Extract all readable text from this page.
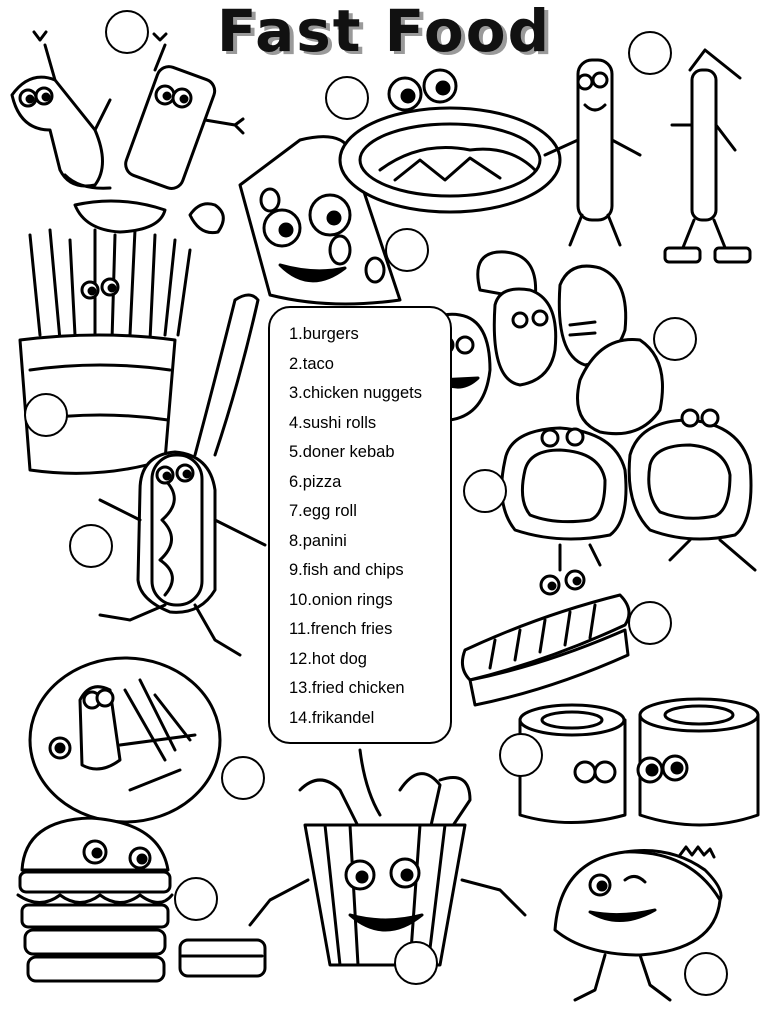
Fast Food
1.burgers
2.taco
3.chicken nuggets
4.sushi rolls
5.doner kebab
6.pizza
7.egg roll
8.panini
9.fish and chips
10.onion rings
11.french fries
12.hot dog
13.fried chicken
14.frikandel
